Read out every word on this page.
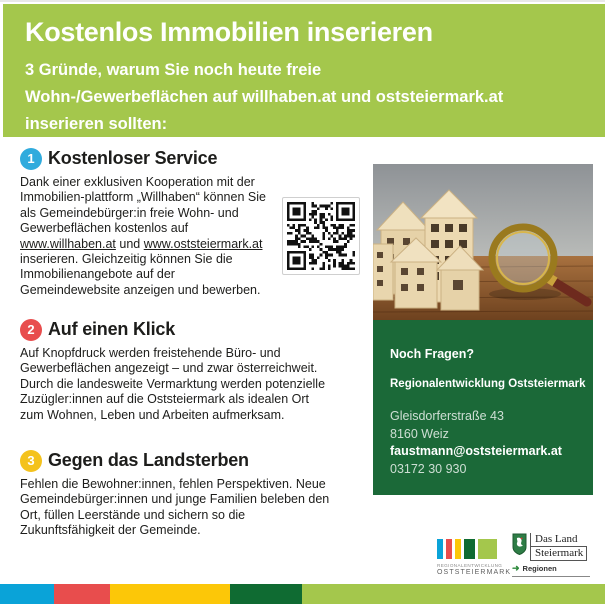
Kostenlos Immobilien inserieren
3 Gründe, warum Sie noch heute freie
Wohn-/Gewerbeflächen auf willhaben.at und oststeiermark.at
inserieren sollten:
1 Kostenloser Service
Dank einer exklusiven Kooperation mit der
Immobilien-plattform „Willhaben“ können Sie
als Gemeindebürger:in freie Wohn- und
Gewerbeflächen kostenlos auf
www.willhaben.at und www.oststeiermark.at
inserieren. Gleichzeitig können Sie die
Immobilienangebote auf der
Gemeindewebsite anzeigen und bewerben.
2 Auf einen Klick
Auf Knopfdruck werden freistehende Büro- und
Gewerbeflächen angezeigt – und zwar österreichweit.
Durch die landesweite Vermarktung werden potenzielle
Zuzügler:innen auf die Oststeiermark als idealen Ort
zum Wohnen, Leben und Arbeiten aufmerksam.
3 Gegen das Landsterben
Fehlen die Bewohner:innen, fehlen Perspektiven. Neue
Gemeindebürger:innen und junge Familien beleben den
Ort, füllen Leerstände und sichern so die
Zukunftsfähigkeit der Gemeinde.
Noch Fragen?
Regionalentwicklung Oststeiermark
Gleisdorferstraße 43
8160 Weiz
faustmann@oststeiermark.at
03172 30 930
REGIONALENTWICKLUNG
OSTSTEIERMARK
Das Land
Steiermark
➜ Regionen
